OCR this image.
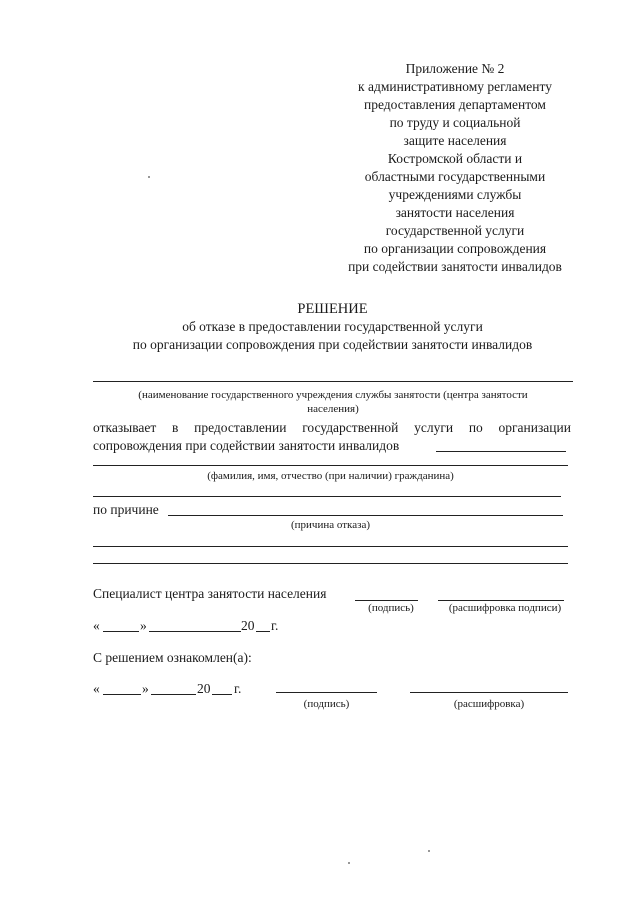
Приложение № 2
к административному регламенту
предоставления департаментом
по труду и социальной
защите населения
Костромской области и
областными государственными
учреждениями службы
занятости населения
государственной услуги
по организации сопровождения
при содействии занятости инвалидов
РЕШЕНИЕ
об отказе в предоставлении государственной услуги
по организации сопровождения при содействии занятости инвалидов
(наименование государственного учреждения службы занятости (центра занятости
населения)
отказывает в предоставлении государственной услуги по организации
сопровождения при содействии занятости инвалидов
(фамилия, имя, отчество (при наличии) гражданина)
по причине
(причина отказа)
Специалист центра занятости населения
(подпись)	(расшифровка подписи)
«	»	20 г.
С решением ознакомлен(а):
«	»	20 г.
(подпись)	(расшифровка)
